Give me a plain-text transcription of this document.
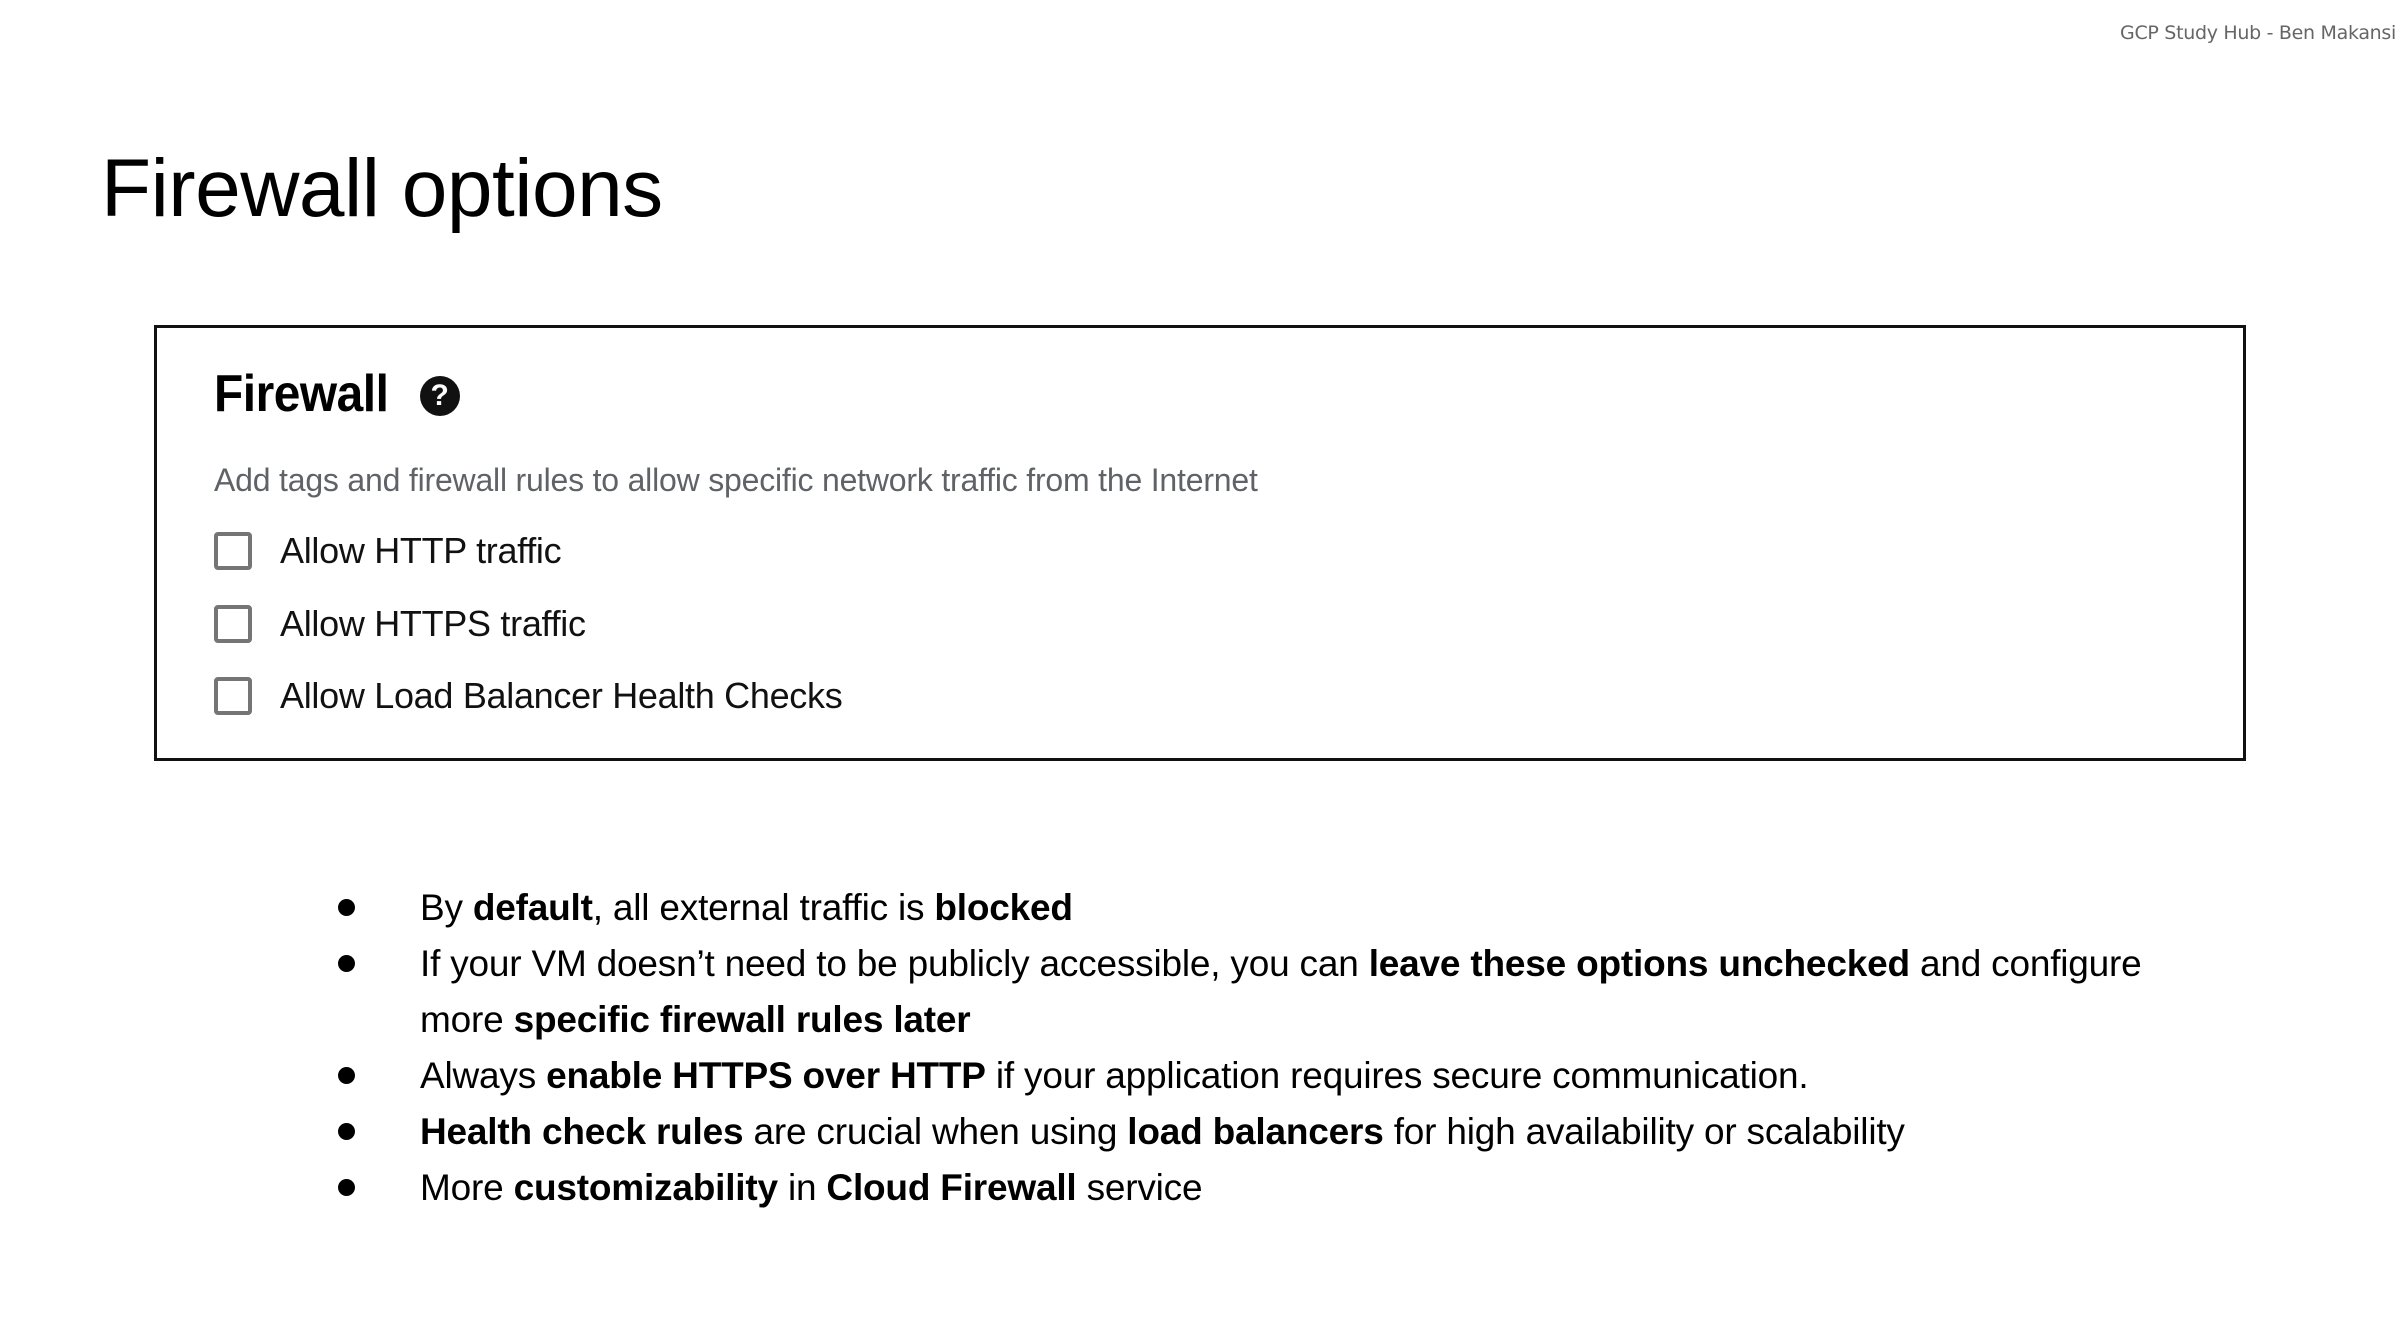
GCP Study Hub - Ben Makansi
Firewall options
Firewall	?
Add tags and firewall rules to allow specific network traffic from the Internet
Allow HTTP traffic
Allow HTTPS traffic
Allow Load Balancer Health Checks
By default, all external traffic is blocked
If your VM doesn’t need to be publicly accessible, you can leave these options unchecked and configure more specific firewall rules later
Always enable HTTPS over HTTP if your application requires secure communication.
Health check rules are crucial when using load balancers for high availability or scalability
More customizability in Cloud Firewall service
